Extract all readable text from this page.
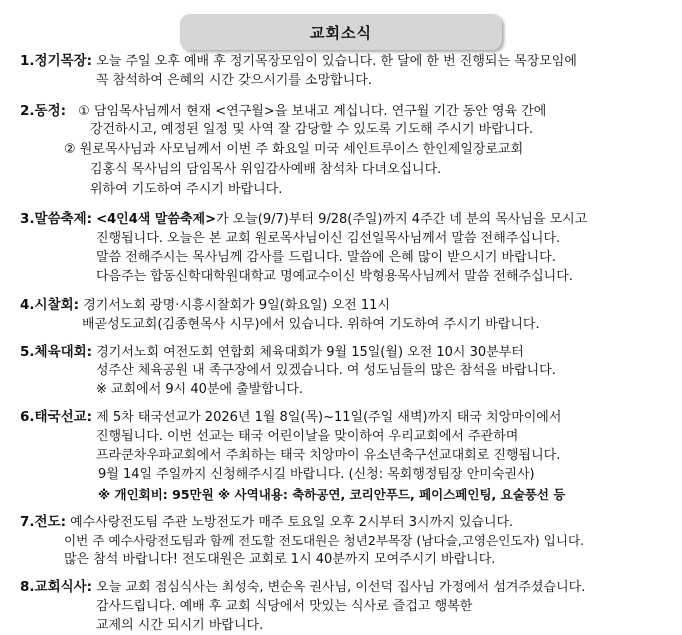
교회소식
1.정기목장: 오늘 주일 오후 예배 후 정기목장모임이 있습니다. 한 달에 한 번 진행되는 목장모임에
꼭 참석하여 은혜의 시간 갖으시기를 소망합니다.
2.동정: ① 담임목사님께서 현재 <연구월>을 보내고 계십니다. 연구월 기간 동안 영육 간에
강건하시고, 예정된 일정 및 사역 잘 감당할 수 있도록 기도해 주시기 바랍니다.
② 원로목사님과 사모님께서 이번 주 화요일 미국 세인트루이스 한인제일장로교회
김홍식 목사님의 담임목사 위임감사예배 참석차 다녀오십니다.
위하여 기도하여 주시기 바랍니다.
3.말씀축제: <4인4색 말씀축제>가 오늘(9/7)부터 9/28(주일)까지 4주간 네 분의 목사님을 모시고
진행됩니다. 오늘은 본 교회 원로목사님이신 김선일목사님께서 말씀 전해주십니다.
말씀 전해주시는 목사님께 감사를 드립니다. 말씀에 은혜 많이 받으시기 바랍니다.
다음주는 합동신학대학원대학교 명예교수이신 박형용목사님께서 말씀 전해주십니다.
4.시찰회: 경기서노회 광명·시흥시찰회가 9일(화요일) 오전 11시
배곧성도교회(김종현목사 시무)에서 있습니다. 위하여 기도하여 주시기 바랍니다.
5.체육대회: 경기서노회 여전도회 연합회 체육대회가 9월 15일(월) 오전 10시 30분부터
성주산 체육공원 내 족구장에서 있겠습니다. 여 성도님들의 많은 참석을 바랍니다.
※ 교회에서 9시 40분에 출발합니다.
6.태국선교: 제 5차 태국선교가 2026년 1월 8일(목)~11일(주일 새벽)까지 태국 치앙마이에서
진행됩니다. 이번 선교는 태국 어린이날을 맞이하여 우리교회에서 주관하며
프라쿤차우파교회에서 주최하는 태국 치앙마이 유소년축구선교대회로 진행됩니다.
9월 14일 주일까지 신청해주시길 바랍니다. (신청: 목회행정팀장 안미숙권사)
※ 개인회비: 95만원 ※ 사역내용: 축하공연, 코리안푸드, 페이스페인팅, 요술풍선 등
7.전도: 예수사랑전도팀 주관 노방전도가 매주 토요일 오후 2시부터 3시까지 있습니다.
이번 주 예수사랑전도팀과 함께 전도할 전도대원은 청년2부목장 (남다슬,고영은인도자) 입니다.
많은 참석 바랍니다! 전도대원은 교회로 1시 40분까지 모여주시기 바랍니다.
8.교회식사: 오늘 교회 점심식사는 최성숙, 변순옥 권사님, 이선덕 집사님 가정에서 섬겨주셨습니다.
감사드립니다. 예배 후 교회 식당에서 맛있는 식사로 즐겁고 행복한
교제의 시간 되시기 바랍니다.
